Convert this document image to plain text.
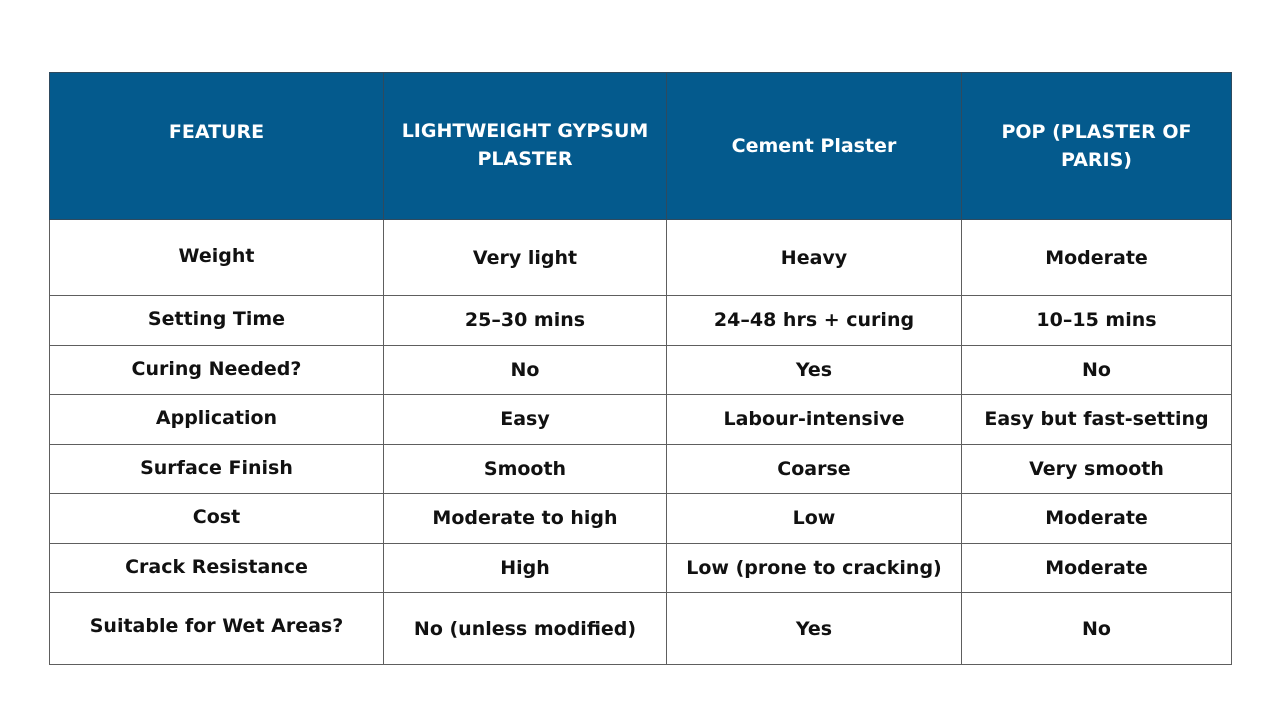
FEATURE	LIGHTWEIGHT GYPSUM PLASTER	Cement Plaster	POP (PLASTER OF PARIS)

Weight	Very light	Heavy	Moderate

Setting Time	25–30 mins	24–48 hrs + curing	10–15 mins

Curing Needed?	No	Yes	No

Application	Easy	Labour-intensive	Easy but fast-setting

Surface Finish	Smooth	Coarse	Very smooth

Cost	Moderate to high	Low	Moderate

Crack Resistance	High	Low (prone to cracking)	Moderate

Suitable for Wet Areas?	No (unless modified)	Yes	No
